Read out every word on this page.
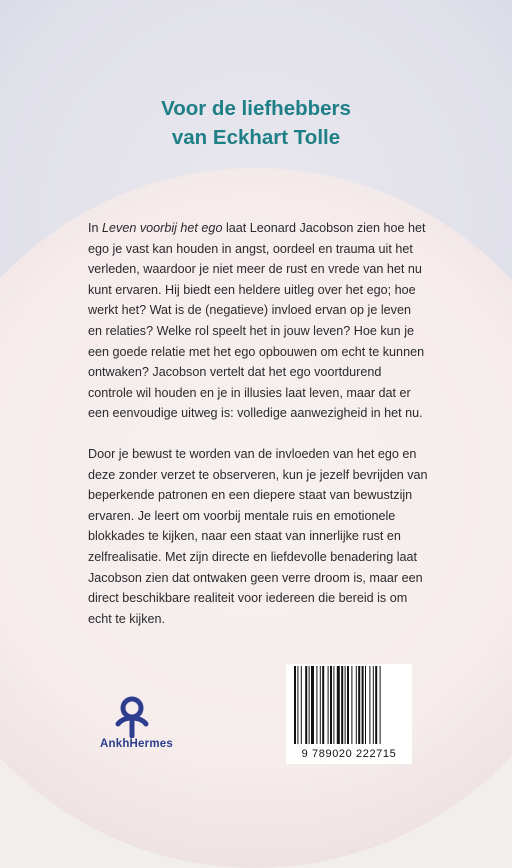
Voor de liefhebbers
van Eckhart Tolle

In Leven voorbij het ego laat Leonard Jacobson zien hoe het ego je vast kan houden in angst, oordeel en trauma uit het verleden, waardoor je niet meer de rust en vrede van het nu kunt ervaren. Hij biedt een heldere uitleg over het ego; hoe werkt het? Wat is de (negatieve) invloed ervan op je leven en relaties? Welke rol speelt het in jouw leven? Hoe kun je een goede relatie met het ego opbouwen om echt te kunnen ontwaken? Jacobson vertelt dat het ego voortdurend controle wil houden en je in illusies laat leven, maar dat er een eenvoudige uitweg is: volledige aanwezigheid in het nu.

Door je bewust te worden van de invloeden van het ego en deze zonder verzet te observeren, kun je jezelf bevrijden van beperkende patronen en een diepere staat van bewustzijn ervaren. Je leert om voorbij mentale ruis en emotionele blokkades te kijken, naar een staat van innerlijke rust en zelfrealisatie. Met zijn directe en liefdevolle benadering laat Jacobson zien dat ontwaken geen verre droom is, maar een direct beschikbare realiteit voor iedereen die bereid is om echt te kijken.

AnkhHermes
9 789020 222715
